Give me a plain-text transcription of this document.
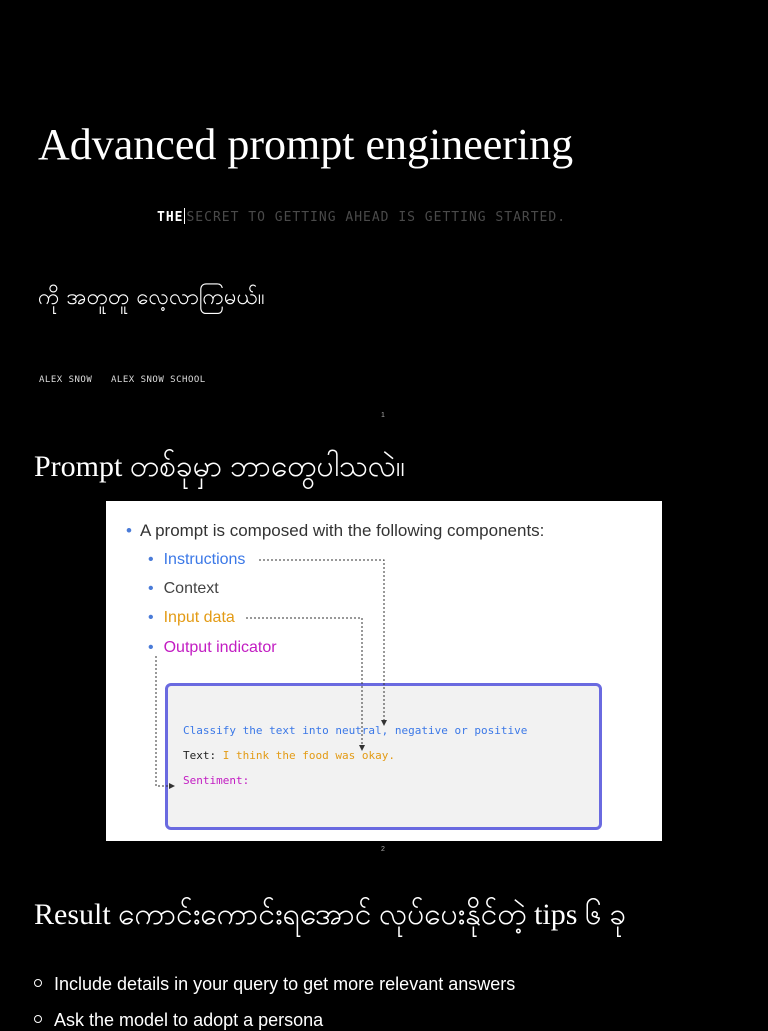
Advanced prompt engineering
THE SECRET TO GETTING AHEAD IS GETTING STARTED.
ကို အတူတူ လေ့လာကြမယ်။
ALEX SNOW ALEX SNOW SCHOOL
1
Prompt တစ်ခုမှာ ဘာတွေပါသလဲ။
• A prompt is composed with the following components:
• Instructions
• Context
• Input data
• Output indicator
Classify the text into neutral, negative or positive
Text: I think the food was okay.
Sentiment:
2
Result ကောင်းကောင်းရအောင် လုပ်ပေးနိုင်တဲ့ tips ၆ ခု
Include details in your query to get more relevant answers
Ask the model to adopt a persona
